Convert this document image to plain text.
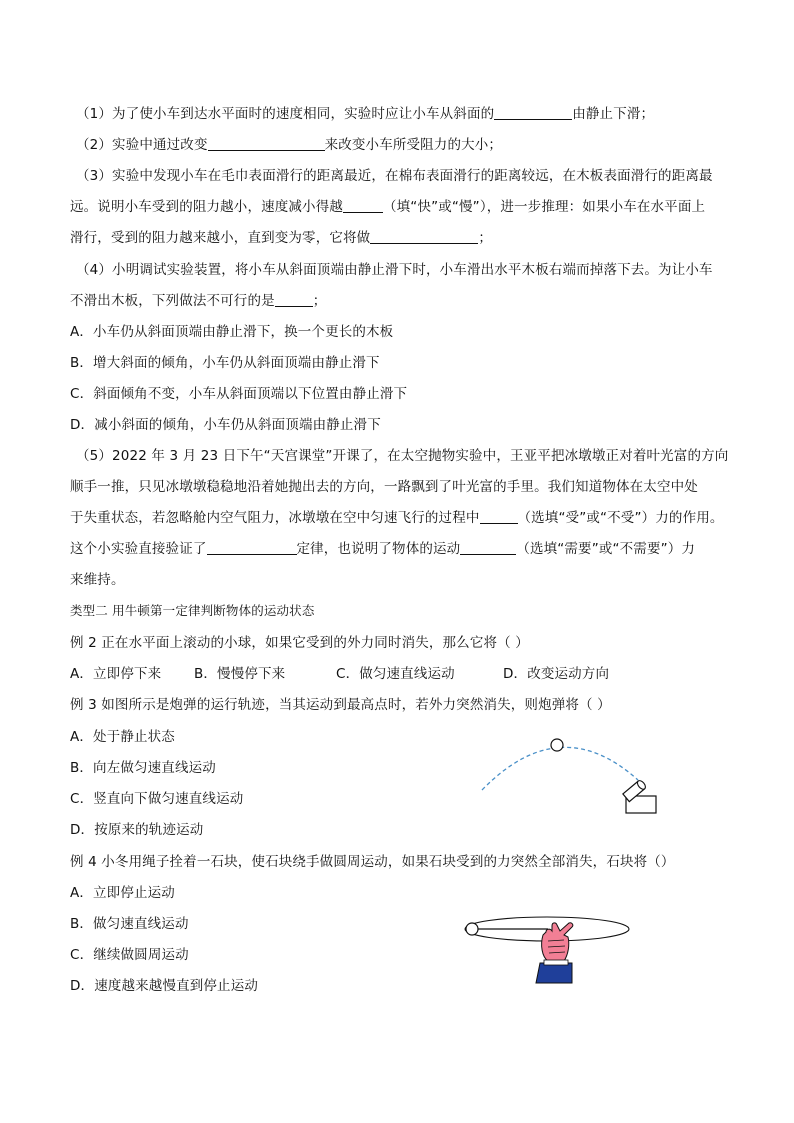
（1）为了使小车到达水平面时的速度相同，实验时应让小车从斜面的	由静止下滑；
（2）实验中通过改变	来改变小车所受阻力的大小；
（3）实验中发现小车在毛巾表面滑行的距离最近，在棉布表面滑行的距离较远，在木板表面滑行的距离最
远。说明小车受到的阻力越小，速度减小得越	（填“快”或“慢”），进一步推理：如果小车在水平面上
滑行，受到的阻力越来越小，直到变为零，它将做	；
（4）小明调试实验装置，将小车从斜面顶端由静止滑下时，小车滑出水平木板右端而掉落下去。为让小车
不滑出木板，下列做法不可行的是	；
A．小车仍从斜面顶端由静止滑下，换一个更长的木板
B．增大斜面的倾角，小车仍从斜面顶端由静止滑下
C．斜面倾角不变，小车从斜面顶端以下位置由静止滑下
D．减小斜面的倾角，小车仍从斜面顶端由静止滑下
（5）2022 年 3 月 23 日下午“天宫课堂”开课了，在太空抛物实验中，王亚平把冰墩墩正对着叶光富的方向
顺手一推，只见冰墩墩稳稳地沿着她抛出去的方向，一路飘到了叶光富的手里。我们知道物体在太空中处
于失重状态，若忽略舱内空气阻力，冰墩墩在空中匀速飞行的过程中	（选填“受”或“不受”）力的作用。
这个小实验直接验证了	定律，也说明了物体的运动	（选填“需要”或“不需要”）力
来维持。
类型二 用牛顿第一定律判断物体的运动状态
例 2 正在水平面上滚动的小球，如果它受到的外力同时消失，那么它将（ ）
A．立即停下来 B．慢慢停下来	C．做匀速直线运动	D．改变运动方向
例 3 如图所示是炮弹的运行轨迹，当其运动到最高点时，若外力突然消失，则炮弹将（ ）
A．处于静止状态
B．向左做匀速直线运动
C．竖直向下做匀速直线运动
D．按原来的轨迹运动
例 4 小冬用绳子拴着一石块，使石块绕手做圆周运动，如果石块受到的力突然全部消失，石块将（）
A．立即停止运动
B．做匀速直线运动
C．继续做圆周运动
D．速度越来越慢直到停止运动
